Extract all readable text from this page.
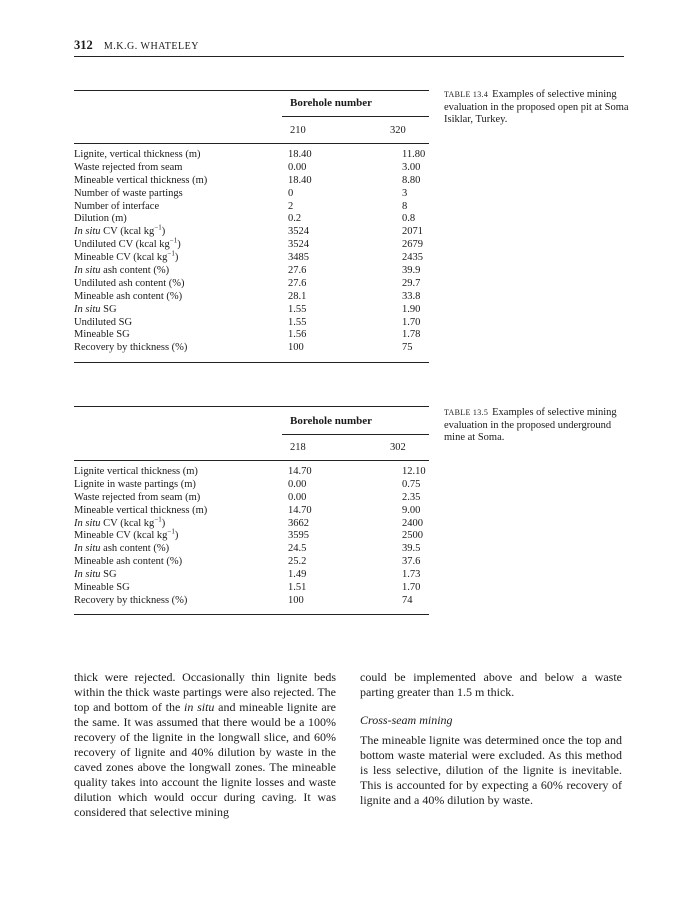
312 M.K.G. WHATELEY
Borehole number
210	320
Lignite, vertical thickness (m)	18.40	11.80
Waste rejected from seam	0.00	3.00
Mineable vertical thickness (m)	18.40	8.80
Number of waste partings	0	3
Number of interface	2	8
Dilution (m)	0.2	0.8
In situ CV (kcal $kg^{-1}$)	3524	2071
Undiluted CV (kcal $kg^{-1}$)	3524	2679
Mineable CV (kcal $kg^{-1}$)	3485	2435
In situ ash content (%)	27.6	39.9
Undiluted ash content (%)	27.6	29.7
Mineable ash content (%)	28.1	33.8
In situ SG	1.55	1.90
Undiluted SG	1.55	1.70
Mineable SG	1.56	1.78
Recovery by thickness (%)	100	75
TABLE 13.4 Examples of selective mining evaluation in the proposed open pit at Soma Isiklar, Turkey.
Borehole number
218	302
Lignite vertical thickness (m)	14.70	12.10
Lignite in waste partings (m)	0.00	0.75
Waste rejected from seam (m)	0.00	2.35
Mineable vertical thickness (m)	14.70	9.00
In situ CV (kcal $kg^{-1}$)	3662	2400
Mineable CV (kcal $kg^{-1}$)	3595	2500
In situ ash content (%)	24.5	39.5
Mineable ash content (%)	25.2	37.6
In situ SG	1.49	1.73
Mineable SG	1.51	1.70
Recovery by thickness (%)	100	74
TABLE 13.5 Examples of selective mining evaluation in the proposed underground mine at Soma.

thick were rejected. Occasionally thin lignite beds within the thick waste partings were also rejected. The top and bottom of the in situ and mineable lignite are the same. It was assumed that there would be a 100% recovery of the lignite in the longwall slice, and 60% recovery of lignite and 40% dilution by waste in the caved zones above the longwall zones. The mineable quality takes into account the lignite losses and waste dilution which would occur during caving. It was considered that selective mining

could be implemented above and below a waste parting greater than 1.5 m thick.

Cross-seam mining

The mineable lignite was determined once the top and bottom waste material were excluded. As this method is less selective, dilution of the lignite is inevitable. This is accounted for by expecting a 60% recovery of lignite and a 40% dilution by waste.
